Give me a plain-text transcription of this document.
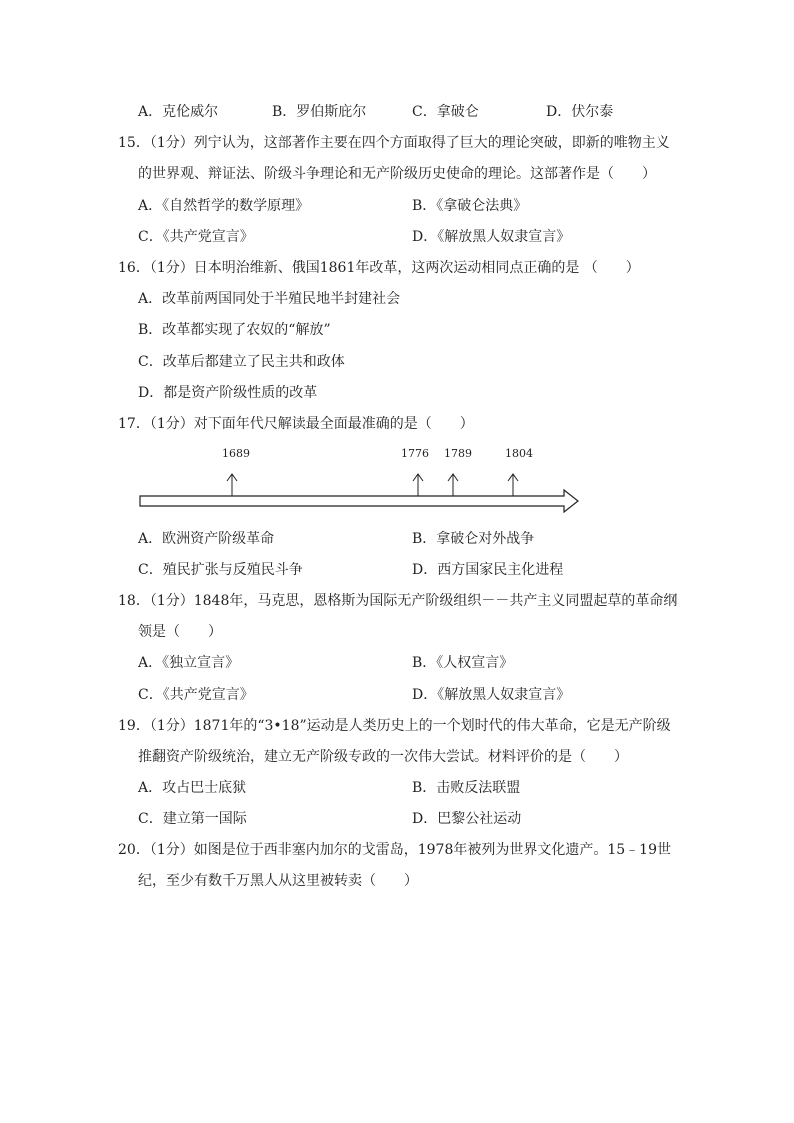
A．克伦威尔	B．罗伯斯庇尔	C．拿破仑	D．伏尔泰
15．（1分）列宁认为，这部著作主要在四个方面取得了巨大的理论突破，即新的唯物主义
的世界观、辩证法、阶级斗争理论和无产阶级历史使命的理论。这部著作是（　　）
A．《自然哲学的数学原理》	B．《拿破仑法典》
C．《共产党宣言》	D．《解放黑人奴隶宣言》
16．（1分）日本明治维新、俄国1861年改革，这两次运动相同点正确的是 （　　）
A．改革前两国同处于半殖民地半封建社会
B．改革都实现了农奴的“解放”
C．改革后都建立了民主共和政体
D．都是资产阶级性质的改革
17．（1分）对下面年代尺解读最全面最准确的是（　　）
1689	1776 1789	1804
A．欧洲资产阶级革命	B．拿破仑对外战争
C．殖民扩张与反殖民斗争	D．西方国家民主化进程
18．（1分）1848年，马克思，恩格斯为国际无产阶级组织－－共产主义同盟起草的革命纲
领是（　　）
A．《独立宣言》	B．《人权宣言》
C．《共产党宣言》	D．《解放黑人奴隶宣言》
19．（1分）1871年的“3•18”运动是人类历史上的一个划时代的伟大革命，它是无产阶级
推翻资产阶级统治，建立无产阶级专政的一次伟大尝试。材料评价的是（　　）
A．攻占巴士底狱	B．击败反法联盟
C．建立第一国际	D．巴黎公社运动
20．（1分）如图是位于西非塞内加尔的戈雷岛，1978年被列为世界文化遗产。15﹣19世
纪，至少有数千万黑人从这里被转卖（　　）
